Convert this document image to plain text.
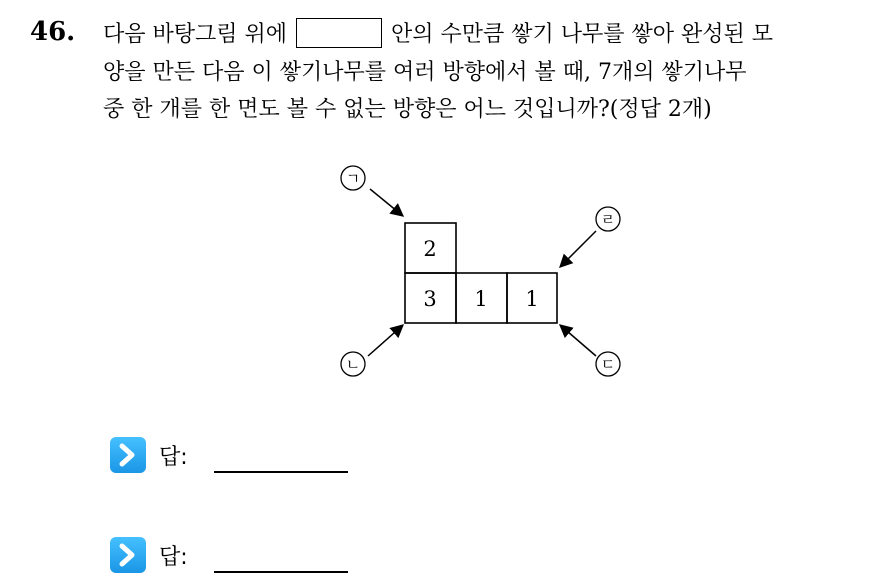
46. 다음 바탕그림 위에	안의 수만큼 쌓기 나무를 쌓아 완성된 모
양을 만든 다음 이 쌓기나무를 여러 방향에서 볼 때, 7개의 쌓기나무
중 한 개를 한 면도 볼 수 없는 방향은 어느 것입니까?(정답 2개)
2
3 1 1
ㄱ
ㄴ	ㄷ
ㄹ
답:
답:
